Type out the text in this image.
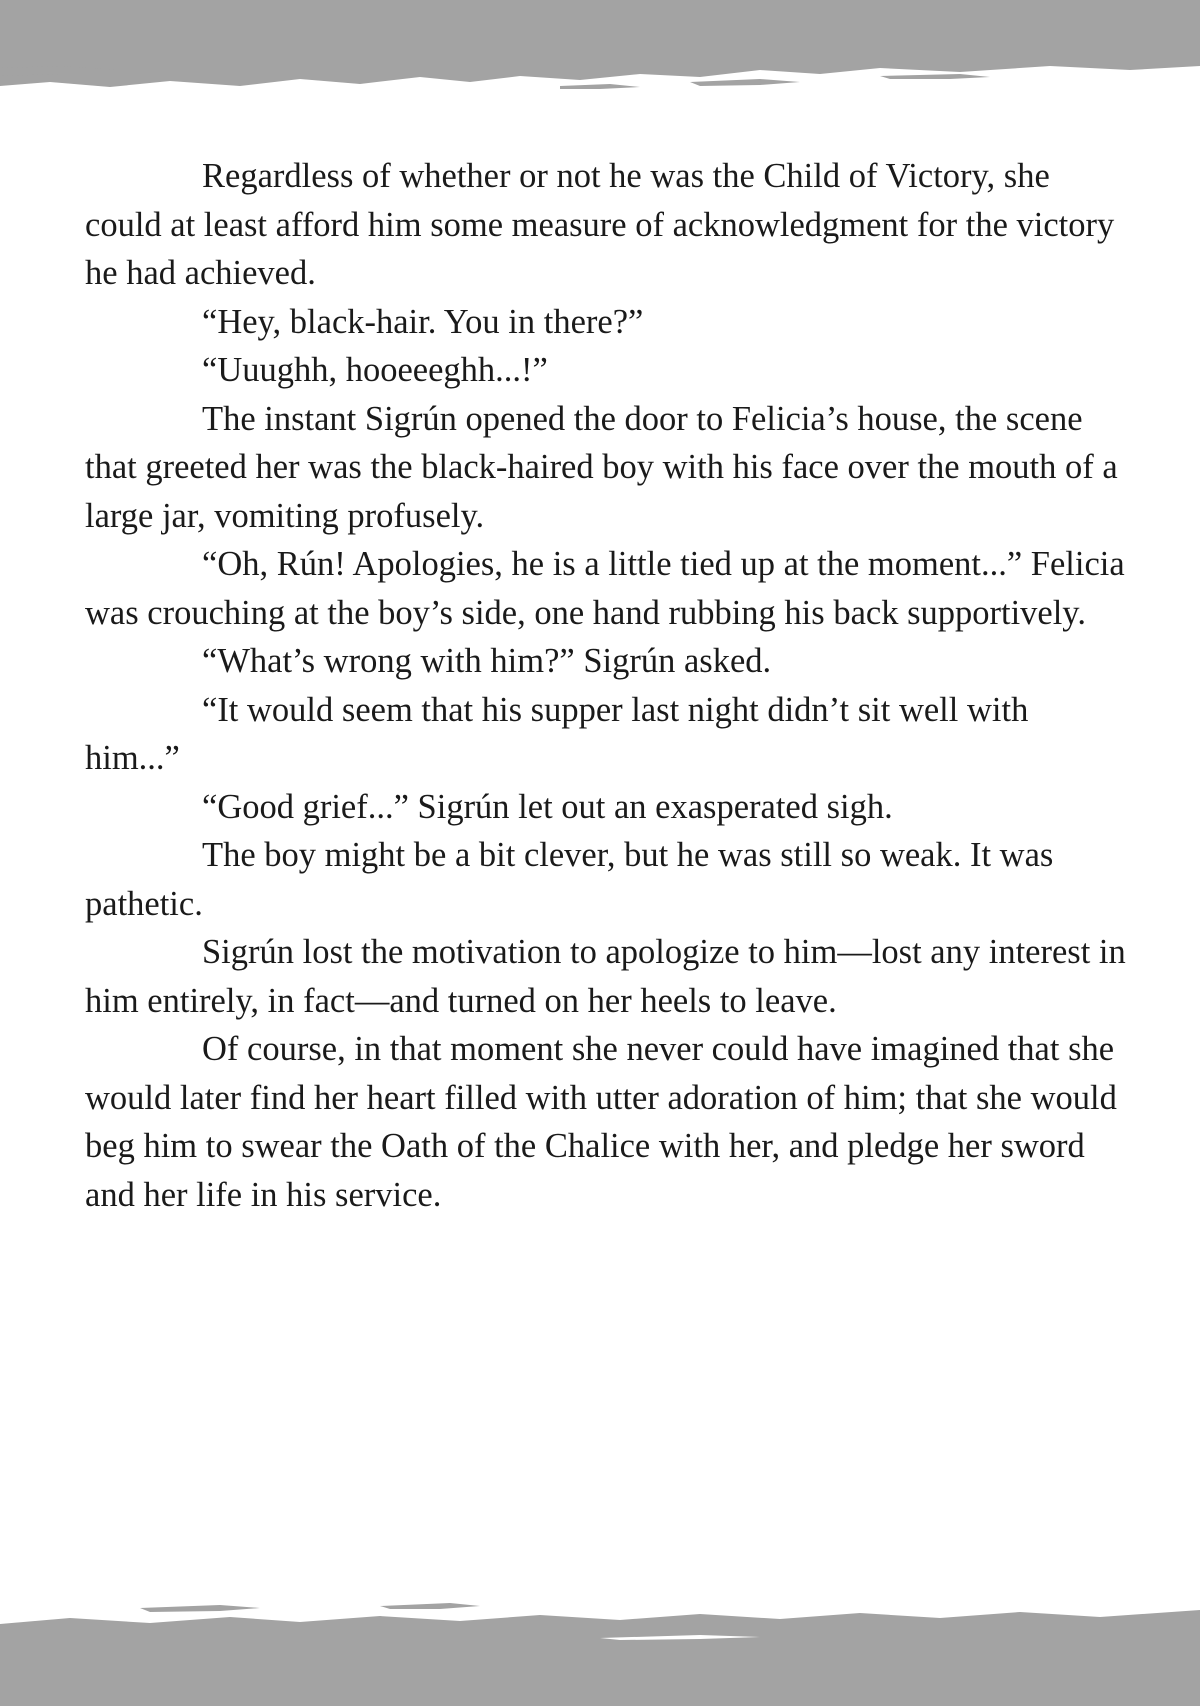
Regardless of whether or not he was the Child of Victory, she could at least afford him some measure of acknowledgment for the victory he had achieved.

“Hey, black-hair. You in there?”

“Uuughh, hooeeeghh...!”

The instant Sigrún opened the door to Felicia’s house, the scene that greeted her was the black-haired boy with his face over the mouth of a large jar, vomiting profusely.

“Oh, Rún! Apologies, he is a little tied up at the moment...” Felicia was crouching at the boy’s side, one hand rubbing his back supportively.

“What’s wrong with him?” Sigrún asked.

“It would seem that his supper last night didn’t sit well with him...”

“Good grief...” Sigrún let out an exasperated sigh.

The boy might be a bit clever, but he was still so weak. It was pathetic.

Sigrún lost the motivation to apologize to him—lost any interest in him entirely, in fact—and turned on her heels to leave.

Of course, in that moment she never could have imagined that she would later find her heart filled with utter adoration of him; that she would beg him to swear the Oath of the Chalice with her, and pledge her sword and her life in his service.
